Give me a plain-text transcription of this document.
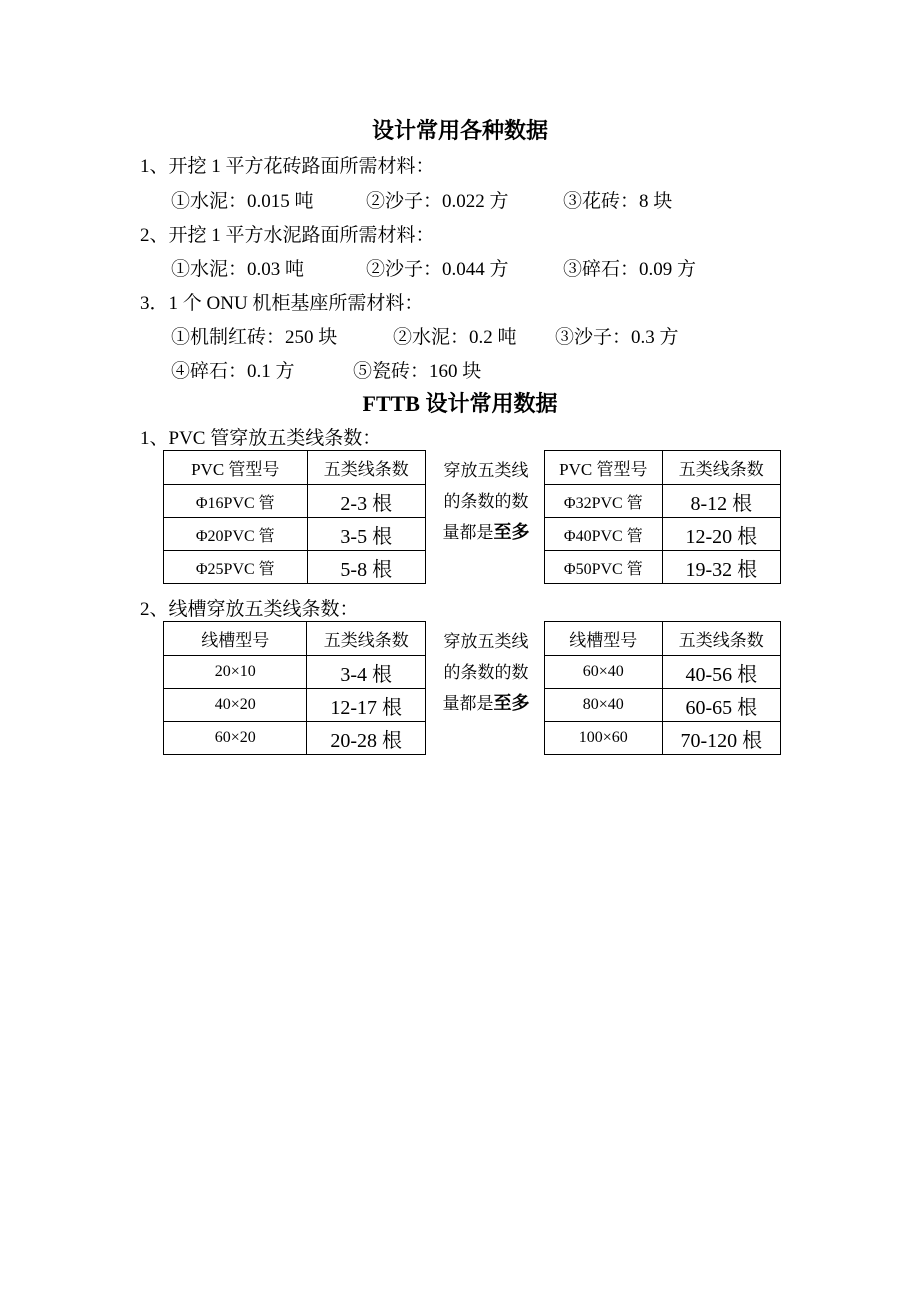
设计常用各种数据
1、开挖 1 平方花砖路面所需材料：
①水泥：0.015 吨	②沙子：0.022 方	③花砖：8 块
2、开挖 1 平方水泥路面所需材料：
①水泥：0.03 吨	②沙子：0.044 方	③碎石：0.09 方
3．1 个 ONU 机柜基座所需材料：
①机制红砖：250 块	②水泥：0.2 吨 ③沙子：0.3 方
④碎石：0.1 方	⑤瓷砖：160 块
FTTB 设计常用数据
1、PVC 管穿放五类线条数：
PVC 管型号	五类线条数
Φ16PVC 管	2-3 根
Φ20PVC 管	3-5 根
Φ25PVC 管	5-8 根
穿放五类线
的条数的数
量都是至多
PVC 管型号	五类线条数
Φ32PVC 管	8-12 根
Φ40PVC 管	12-20 根
Φ50PVC 管	19-32 根
2、线槽穿放五类线条数：
线槽型号	五类线条数
20×10	3-4 根
40×20	12-17 根
60×20	20-28 根
穿放五类线
的条数的数
量都是至多
线槽型号	五类线条数
60×40	40-56 根
80×40	60-65 根
100×60	70-120 根
